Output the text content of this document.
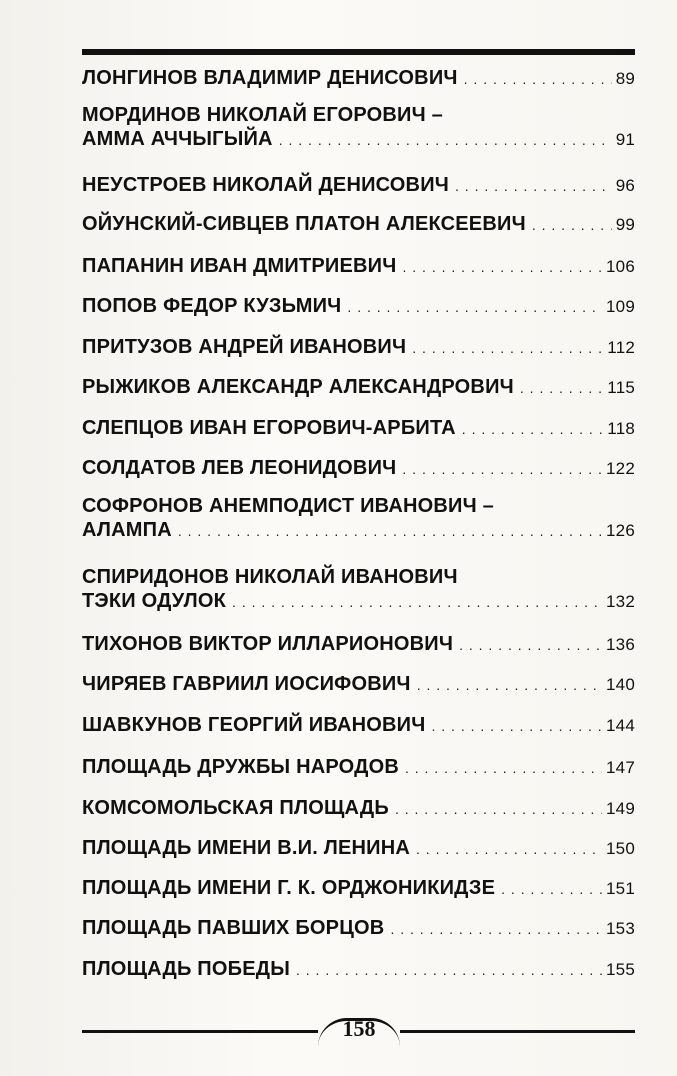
ЛОНГИНОВ ВЛАДИМИР ДЕНИСОВИЧ . . .	89
МОРДИНОВ НИКОЛАЙ ЕГОРОВИЧ –
АММА АЧЧЫГЫЙА . . .	91
НЕУСТРОЕВ НИКОЛАЙ ДЕНИСОВИЧ . . .	96
ОЙУНСКИЙ-СИВЦЕВ ПЛАТОН АЛЕКСЕЕВИЧ . . .	99
ПАПАНИН ИВАН ДМИТРИЕВИЧ . . .	106
ПОПОВ ФЕДОР КУЗЬМИЧ . . .	109
ПРИТУЗОВ АНДРЕЙ ИВАНОВИЧ . . .	112
РЫЖИКОВ АЛЕКСАНДР АЛЕКСАНДРОВИЧ . . .	115
СЛЕПЦОВ ИВАН ЕГОРОВИЧ-АРБИТА . . .	118
СОЛДАТОВ ЛЕВ ЛЕОНИДОВИЧ . . .	122
СОФРОНОВ АНЕМПОДИСТ ИВАНОВИЧ –
АЛАМПА . . .	126
СПИРИДОНОВ НИКОЛАЙ ИВАНОВИЧ
ТЭКИ ОДУЛОК . . .	132
ТИХОНОВ ВИКТОР ИЛЛАРИОНОВИЧ . . .	136
ЧИРЯЕВ ГАВРИИЛ ИОСИФОВИЧ . . .	140
ШАВКУНОВ ГЕОРГИЙ ИВАНОВИЧ . . .	144
ПЛОЩАДЬ ДРУЖБЫ НАРОДОВ . . .	147
КОМСОМОЛЬСКАЯ ПЛОЩАДЬ . . .	149
ПЛОЩАДЬ ИМЕНИ В.И. ЛЕНИНА . . .	150
ПЛОЩАДЬ ИМЕНИ Г. К. ОРДЖОНИКИДЗЕ . . .	151
ПЛОЩАДЬ ПАВШИХ БОРЦОВ . . .	153
ПЛОЩАДЬ ПОБЕДЫ . . .	155
158
